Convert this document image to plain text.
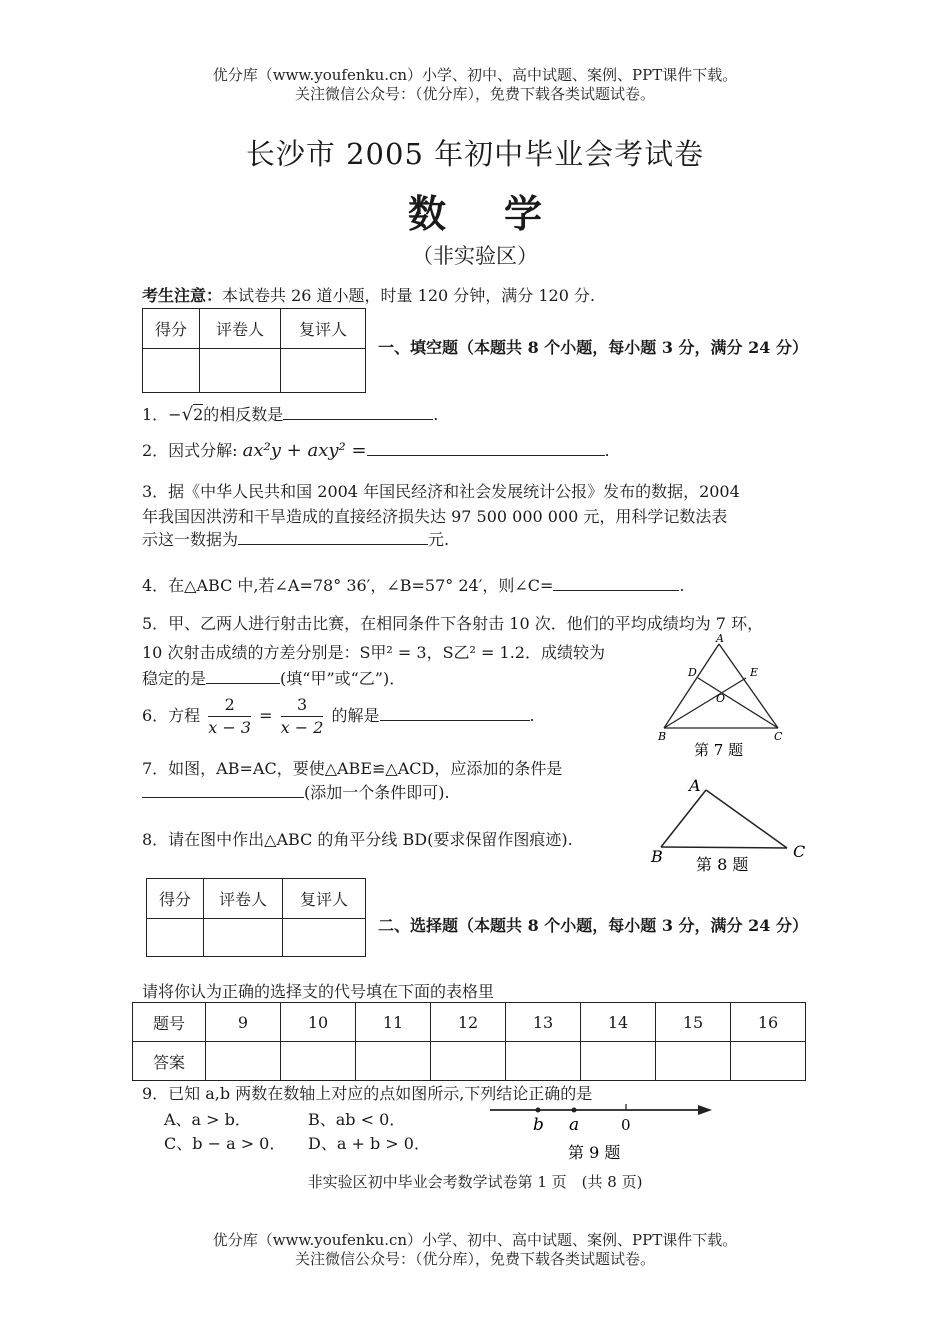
优分库（www.youfenku.cn）小学、初中、高中试题、案例、PPT课件下载。
关注微信公众号：（优分库），免费下载各类试题试卷。
长沙市 2005 年初中毕业会考试卷
数学
（非实验区）
考生注意：本试卷共 26 道小题，时量 120 分钟，满分 120 分.
得分	评卷人	复评人

一、填空题（本题共 8 个小题，每小题 3 分，满分 24 分）
1．−√2的相反数是	.
2．因式分解: ax²y + axy² =	.
3．据《中华人民共和国 2004 年国民经济和社会发展统计公报》发布的数据，2004
年我国因洪涝和干旱造成的直接经济损失达 97 500 000 000 元，用科学记数法表
示这一数据为	元.
4．在△ABC 中,若∠A=78° 36′，∠B=57° 24′，则∠C=	.
5．甲、乙两人进行射击比赛，在相同条件下各射击 10 次．他们的平均成绩均为 7 环，
10 次射击成绩的方差分别是：S甲² = 3，S乙² = 1.2．成绩较为
稳定的是	(填“甲”或“乙”)．
6．方程 $\frac{2}{x - 3} = \frac{3}{x - 2}$ 的解是	.
A
D	E
O
B	C
第 7 题
7．如图，AB=AC，要使△ABE≌△ACD，应添加的条件是
(添加一个条件即可).	A
B	C
第 8 题
8．请在图中作出△ABC 的角平分线 BD(要求保留作图痕迹).
得分	评卷人	复评人

二、选择题（本题共 8 个小题，每小题 3 分，满分 24 分）
请将你认为正确的选择支的代号填在下面的表格里
题号	9	10	11	12	13	14	15	16
答案								
9．已知 a,b 两数在数轴上对应的点如图所示,下列结论正确的是
A、a > b．	B、ab < 0．
C、b − a > 0． D、a + b > 0．
b a	0
第 9 题
非实验区初中毕业会考数学试卷第 1 页　(共 8 页)
优分库（www.youfenku.cn）小学、初中、高中试题、案例、PPT课件下载。
关注微信公众号：（优分库），免费下载各类试题试卷。
